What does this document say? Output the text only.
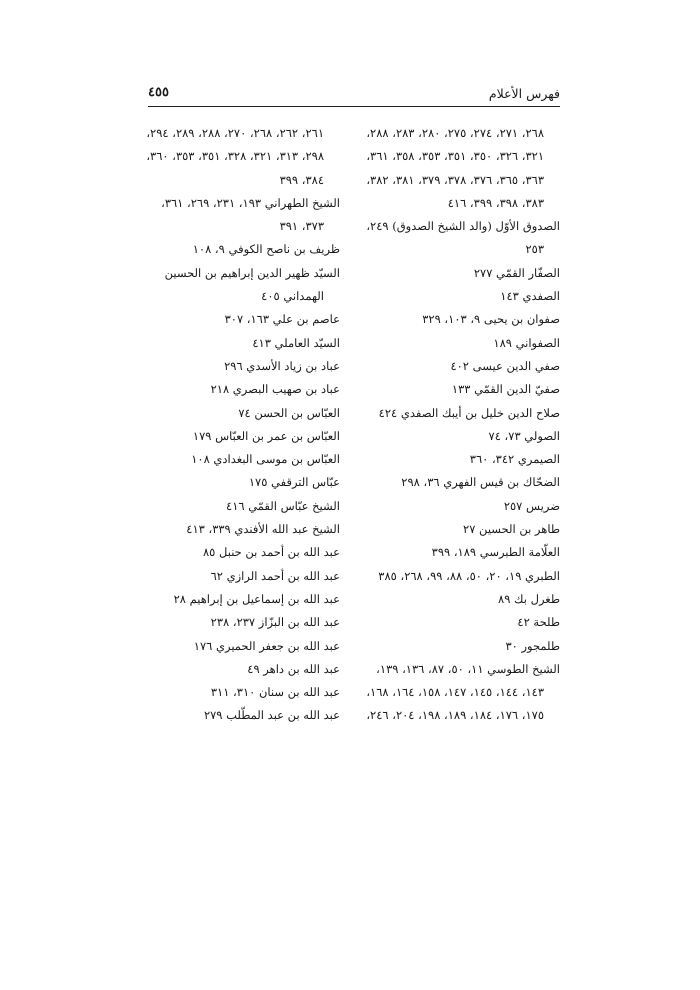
فهرس الأعلام
٤٥٥
٢٦٨، ٢٧١، ٢٧٤، ٢٧٥، ٢٨٠، ٢٨٣، ٢٨٨،
٣٢١، ٣٢٦، ٣٥٠، ٣٥١، ٣٥٣، ٣٥٨، ٣٦١،
٣٦٣، ٣٦٥، ٣٧٦، ٣٧٨، ٣٧٩، ٣٨١، ٣٨٢،
٣٨٣، ٣٩٨، ٣٩٩، ٤١٦
الصدوق الأوّل (والد الشيخ الصدوق) ٢٤٩،
٢٥٣
الصفّار القمّي ٢٧٧
الصفدي ١٤٣
صفوان بن يحيى ٩، ١٠٣، ٣٢٩
الصفواني ١٨٩
صفي الدين عيسى ٤٠٢
صفيّ الدين القمّي ١٣٣
صلاح الدين خليل بن أيبك الصفدي ٤٢٤
الصولي ٧٣، ٧٤
الصيمري ٣٤٢، ٣٦٠
الضحّاك بن قيس الفهري ٣٦، ٢٩٨
ضريس ٢٥٧
طاهر بن الحسين ٢٧
العلّامة الطبرسي ١٨٩، ٣٩٩
الطبري ١٩، ٢٠، ٥٠، ٨٨، ٩٩، ٢٦٨، ٣٨٥
طغرل بك ٨٩
طلحة ٤٢
طلمجور ٣٠
الشيخ الطوسي ١١، ٥٠، ٨٧، ١٣٦، ١٣٩،
١٤٣، ١٤٤، ١٤٥، ١٤٧، ١٥٨، ١٦٤، ١٦٨،
١٧٥، ١٧٦، ١٨٤، ١٨٩، ١٩٨، ٢٠٤، ٢٤٦،
٢٦١، ٢٦٢، ٢٦٨، ٢٧٠، ٢٨٨، ٢٨٩، ٢٩٤،
٢٩٨، ٣١٣، ٣٢١، ٣٢٨، ٣٥١، ٣٥٣، ٣٦٠،
٣٨٤، ٣٩٩
الشيخ الطهراني ١٩٣، ٢٣١، ٢٦٩، ٣٦١،
٣٧٣، ٣٩١
ظريف بن ناصح الكوفي ٩، ١٠٨
السيّد ظهير الدين إبراهيم بن الحسين
الهمداني ٤٠٥
عاصم بن علي ١٦٣، ٣٠٧
السيّد العاملي ٤١٣
عباد بن زياد الأسدي ٢٩٦
عباد بن صهيب البصري ٢١٨
العبّاس بن الحسن ٧٤
العبّاس بن عمر بن العبّاس ١٧٩
العبّاس بن موسى البغدادي ١٠٨
عبّاس الترقفي ١٧٥
الشيخ عبّاس القمّي ٤١٦
الشيخ عبد الله الأفندي ٣٣٩، ٤١٣
عبد الله بن أحمد بن حنبل ٨٥
عبد الله بن أحمد الرازي ٦٢
عبد الله بن إسماعيل بن إبراهيم ٢٨
عبد الله بن البزّاز ٢٣٧، ٢٣٨
عبد الله بن جعفر الحميري ١٧٦
عبد الله بن داهر ٤٩
عبد الله بن سنان ٣١٠، ٣١١
عبد الله بن عبد المطّلب ٢٧٩
